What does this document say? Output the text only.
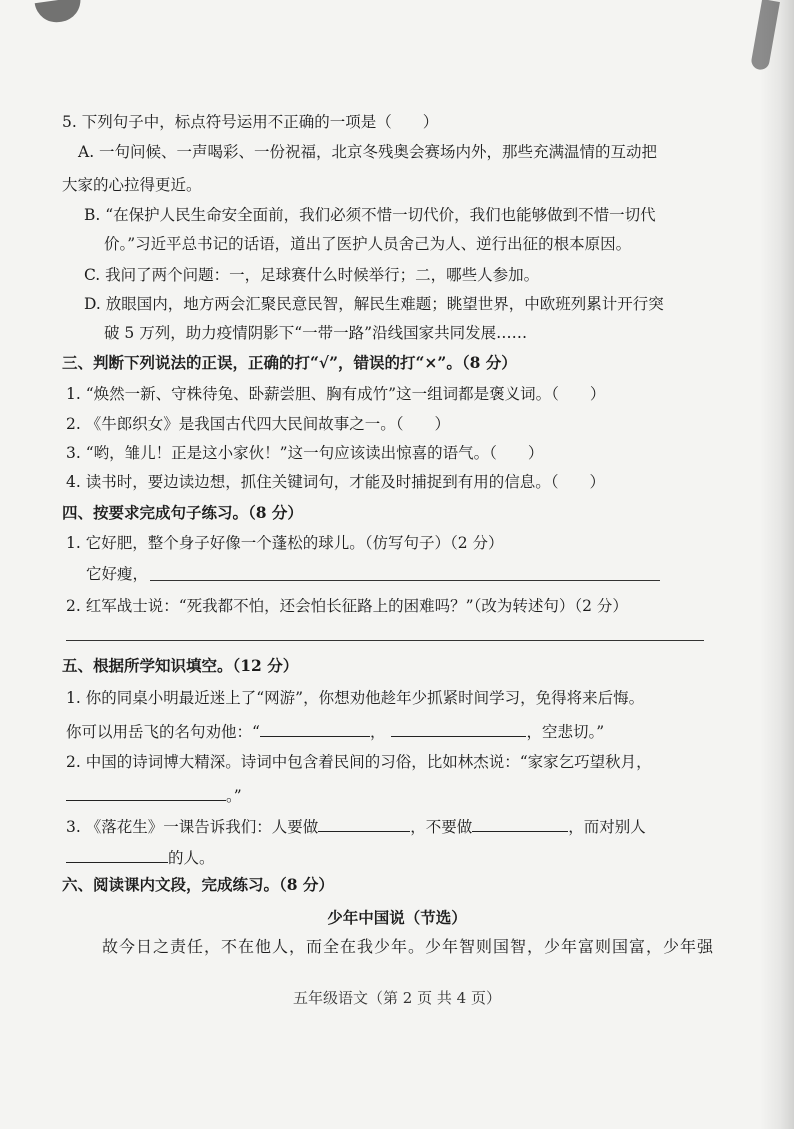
5. 下列句子中，标点符号运用不正确的一项是（　　）
A. 一句问候、一声喝彩、一份祝福，北京冬残奥会赛场内外，那些充满温情的互动把
大家的心拉得更近。
B. “在保护人民生命安全面前，我们必须不惜一切代价，我们也能够做到不惜一切代
价。”习近平总书记的话语，道出了医护人员舍己为人、逆行出征的根本原因。
C. 我问了两个问题：一，足球赛什么时候举行；二，哪些人参加。
D. 放眼国内，地方两会汇聚民意民智，解民生难题；眺望世界，中欧班列累计开行突
破 5 万列，助力疫情阴影下“一带一路”沿线国家共同发展……
三、判断下列说法的正误，正确的打“√”，错误的打“×”。（8 分）
1. “焕然一新、守株待兔、卧薪尝胆、胸有成竹”这一组词都是褒义词。（　　）
2. 《牛郎织女》是我国古代四大民间故事之一。（　　）
3. “哟，雏儿！正是这小家伙！”这一句应该读出惊喜的语气。（　　）
4. 读书时，要边读边想，抓住关键词句，才能及时捕捉到有用的信息。（　　）
四、按要求完成句子练习。（8 分）
1. 它好肥，整个身子好像一个蓬松的球儿。（仿写句子）（2 分）
它好瘦，
2. 红军战士说：“死我都不怕，还会怕长征路上的困难吗？”（改为转述句）（2 分）
五、根据所学知识填空。（12 分）
1. 你的同桌小明最近迷上了“网游”，你想劝他趁年少抓紧时间学习，免得将来后悔。
你可以用岳飞的名句劝他：“	，	，空悲切。”
2. 中国的诗词博大精深。诗词中包含着民间的习俗，比如林杰说：“家家乞巧望秋月，
。”
3. 《落花生》一课告诉我们：人要做	，不要做	，而对别人
的人。
六、阅读课内文段，完成练习。（8 分）
少年中国说（节选）
故今日之责任，不在他人，而全在我少年。少年智则国智，少年富则国富，少年强
五年级语文（第 2 页 共 4 页）
